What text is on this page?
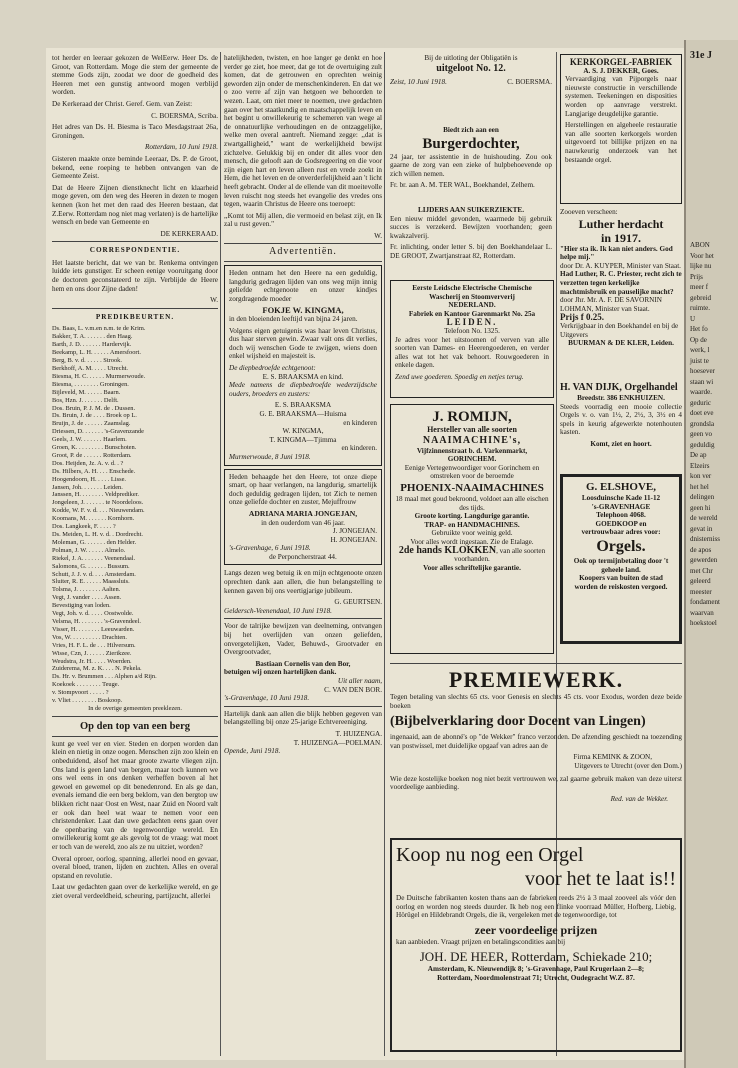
31e J
ABON
Voor het
lijke nu
Prijs
meer f
gebreid
ruimte.
U
Het fo
Op de
werk, l
juist te
hoesever
staan wi
waarde.
geduric
doet eve
grondsla
geen vo
geduldig
De ap
Elzeirs
kon ver
het hel
delingen
geen hi
de wereld
gevat in
dnisterniss
de apos
gewerden
met Chr
geleerd
meester
fondament
waarvan
hoekstoel

tot herder en leeraar gekozen de WelEerw. Heer Ds. de Groot, van Rotterdam. Moge die stem der gemeente de stemme Gods zijn, zoodat we door de goedheid des Heeren met een gunstig antwoord mogen verblijd worden.

De Kerkeraad der Christ. Geref. Gem. van Zeist:

C. BOERSMA, Scriba.

Het adres van Ds. H. Biesma is Taco Mesdagstraat 26a, Groningen.

Rotterdam, 10 Juni 1918.

Gisteren maakte onze beminde Leeraar, Ds. P. de Groot, bekend, eene roeping te hebben ontvangen van de Gemeente Zeist.

Dat de Heere Zijnen dienstknecht licht en klaarheid moge geven, om den weg des Heeren in dezen te mogen kennen (kon het met den raad des Heeren bestaan, dat Z.Eerw. Rotterdam nog niet mag verlaten) is de hartelijke wensch en bede van Gemeente en

DE KERKERAAD.

CORRESPONDENTIE.

Het laatste bericht, dat we van br. Renkema ontvingen luidde iets gunstiger. Er scheen eenige vooruitgang door de doctoren geconstateerd te zijn. Verblijde de Heere hem en ons door Zijne daden!

W.

PREDIKBEURTEN.
Ds. Baas, L. v.m.en n.m. te de Krim.
Bakker, T. A. . . . . . . den Haag.
Barth, J. D. . . . . . . Hardervijk.
Beekamp, L. H. . . . . . Amersfoort.
Berg, B. v. d. . . . . . Strook.
Berkhoff, A. M. . . . . Utrecht.
Biesma, H. C. . . . . . Murmerwoude.
Biesma, . . . . . . . . Groningen.
Bijleveld, M. . . . . . Baarn.
Bos, Hzn. J. . . . . . . Delft.
Dos. Bruin, P. J. M. de . Dussen.
Ds. Bruin, J. de . . . . Broek op L.
Bruijn, J. de . . . . . . Zaamslag.
Driessen, D. . . . . . . 's-Gravenzande
Geels, J. W. . . . . . . Haarlem.
Groen, K. . . . . . . . . Bunschoten.
Groot, P. de . . . . . . Rotterdam.
Dos. Heijden, Jz. A. v. d. . ?
Ds. Hilbers, A. H. . . . Enschede.
Hoogendoorn, H. . . . . Lisse.
Jansen, Joh. . . . . . . Leiden.
Janssen, H. . . . . . . . Veldprediker.
Jongeleen, J. . . . . . . te Noordeloos.
Kodde, W. F. v. d. . . . Nieuwendam.
Koomans, M. . . . . . . Kornhorn.
Dos. Langkeek, F. . . . . ?
Ds. Meiden, L. H. v. d. . Dordrecht.
Moleman, G. . . . . . . den Helder.
Polman, J. W. . . . . . Almelo.
Riekel, J. A. . . . . . . Veenendaal.
Salomons, G. . . . . . . Bussum.
Schutt, J. J. v. d. . . . Amsterdam.
Sluiter, R. E. . . . . . Maassluis.
Tolsma, J. . . . . . . . Aalten.
Vegt, J. vander . . . . Assen.
Bevestiging van loden.
Vegt, Joh. v. d. . . . . Oostwolde.
Velsma, H. . . . . . . . 's-Gravendeel.
Visser, H. . . . . . . . Leeuwarden.
Vos, W. . . . . . . . . . Drachten.
Vries, H. F. L. de . . . Hilversum.
Wisse, Czn, J. . . . . . Zierikzee.
Weudstra, Jr. H. . . . . Woerden.
Zuiderema, M. z. K. . . . N. Pekela.
Ds. Hr. v. Brummen . . . Alphen a/d Rijn.
Koekoek . . . . . . . . Teuge.
v. Stompvoort . . . . . ?
v. Vliet . . . . . . . . Boskoop.
In de overige gemeenten preeklezen.
Op den top van een berg

kunt ge veel ver en vier. Steden en dorpen worden dan klein en nietig in onze oogen. Menschen zijn zoo klein en onbeduidend, alsof het maar groote zwarte vliegen zijn. Ons land is geen land van bergen, maar toch kunnen we ons wel eens in ons denken verheffen boven al het gewoel en gewemel op dit benedenrond. En als ge dan, evenals iemand die een berg beklom, van den bergtop uw blikken richt naar Oost en West, naar Zuid en Noord valt er ook dan heel wat waar te nemen voor een christendenker. Laat dan uwe gedachten eens gaan over de openbaring van de tegenwoordige wereld. En onwillekeurig komt ge als gevolg tot de vraag: wat moet er toch van de wereld, zoo als ze nu uitziet, worden?

Overal oproer, oorlog, spanning, allerlei nood en gevaar, overal bloed, tranen, lijden en zuchten. Alles en overal opstand en revolutie.

Laat uw gedachten gaan over de kerkelijke wereld, en ge ziet overal verdeeldheid, scheuring, partijzucht, allerlei

hatelijkheden, twisten, en hoe langer ge denkt en hoe verder ge ziet, hoe meer, dat ge tot de overtuiging zult komen, dat de getrouwen en oprechten weinig geworden zijn onder de menschenkinderen. En dat we o zoo verre af zijn van hetgoen we behoorden te wezen. Laat, om niet meer te noemen, uwe gedachten gaan over het staatkundig en maatschappelijk leven en het begint u onwillekeurig te schemeren van wege al de onnatuurlijke verhoudingen en de ontzaggelijke, welke men overal aantreft. Niemand zegge: ,,dat is zwartgalligheid," want de werkelijkheid bewijst zichzelve. Gelukkig bij en onder dit alles voor den mensch, die gelooft aan de Godsregeering en die voor zijn eigen hart en leven alleen rust en vrede zoekt in Hem, die het leven en de onverderfelijkheid aan 't licht heeft gebracht. Onder al de ellende van dit moeitevolle leven ruischt nog steeds het evangelie des vredes ons tegen, waarin Christus de Heere ons toeroept:

,,Komt tot Mij allen, die vermoeid en belast zijt, en Ik zal u rust geven."

W.

Advertentiën.

Heden ontnam het den Heere na een geduldig, langdurig gedragen lijden van ons weg mijn innig geliefde echtgenoote en onzer kindjes zorgdragende moeder

FOKJE W. KINGMA,

in den bloeienden leeftijd van bijna 24 jaren.

Volgens eigen getuigenis was haar leven Christus, dus haar sterven gewin. Zwaar valt ons dit verlies, doch wij wenschen Gode te zwijgen, wiens doen enkel wijsheid en majesteit is.

De diepbedroefde echtgenoot:
E. S. BRAAKSMA en kind.

Mede namens de diepbedroefde wederzijdsche ouders, broeders en zusters:

E. S. BRAAKSMA
G. E. BRAAKSMA—Huisma
en kinderen
W. KINGMA,
T. KINGMA—Tjimma
en kinderen.
Murmerwoude, 8 Juni 1918.

Heden behaagde het den Heere, tot onze diepe smart, op haar verlangen, na langdurig, smartelijk doch geduldig gedragen lijden, tot Zich te nemen onze geliefde dochter en zuster, Mejuffrouw

ADRIANA MARIA JONGEJAN,
in den ouderdom van 46 jaar.
J. JONGEJAN.
H. JONGEJAN.
's-Gravenhage, 6 Juni 1918.
de Perponcherstraat 44.

Langs dezen weg betuig ik en mijn echtgenoote onzen oprechten dank aan allen, die hun belangstelling te kennen gaven bij ons veertigjarige jubileum.

G. GEURTSEN.
Geldersch-Veenendaal, 10 Juni 1918.

Voor de talrijke bewijzen van deelneming, ontvangen bij het overlijden van onzen geliefden, onvergetelijken, Vader, Behuwd-, Grootvader en Overgrootvader,

Bastiaan Cornelis van den Bor,
betuigen wij onzen hartelijken dank.
Uit aller naam,
C. VAN DEN BOR.
's-Gravenhage, 10 Juni 1918.

Hartelijk dank aan allen die blijk hebben gegeven van belangstelling bij onze 25-jarige Echtvereeniging.

T. HUIZENGA.
T. HUIZENGA—POELMAN.
Opende, Juni 1918.
Bij de uitloting der Obligatiën is
uitgeloot No. 12.
Zeist, 10 Juni 1918.	C. BOERSMA.
Biedt zich aan een
Burgerdochter,

24 jaar, ter assistentie in de huishouding. Zou ook gaarne de zorg van een zieke of hulpbehoevende op zich willen nemen.

Fr. br. aan A. M. TER WAL, Boekhandel, Zelhem.

LIJDERS AAN SUIKERZIEKTE.

Een nieuw middel gevonden, waarmede bij gebruik succes is verzekerd. Bewijzen voorhanden; geen kwakzalverij.

Fr. inlichting, onder letter S. bij den Boekhandelaar L. DE GROOT, Zwartjanstraat 82, Rotterdam.

Eerste Leidsche Electrische Chemische
Wascherij en Stoomververij
NEDERLAND.
Fabriek en Kantoor Garenmarkt No. 25a
LEIDEN.
Telefoon No. 1325.

Je adres voor het uitstoomen of verven van alle soorten van Dames- en Heerengoederen, en verder alles wat tot het vak behoort. Rouwgoederen in enkele dagen.

Zend uwe goederen. Spoedig en netjes terug.
J. ROMIJN,
Hersteller van alle soorten
NAAIMACHINE's,
Vijfzinnenstraat b. d. Varkenmarkt,
GORINCHEM.
Eenige Vertegenwoordiger voor Gorinchem en omstreken voor de beroemde
PHOENIX-NAAIMACHINES
18 maal met goud bekroond, voldoet aan alle eischen des tijds.
Groote korting. Langdurige garantie.
TRAP- en HANDMACHINES.
Gebruikte voor weinig geld.
Voor alles wordt ingestaan. Zie de Etalage.
2de hands KLOKKEN, van alle soorten voorhanden.
Voor alles schriftelijke garantie.
KERKORGEL-FABRIEK
A. S. J. DEKKER, Goes.

Vervaardiging van Pijporgels naar nieuwste constructie in verschillende systemen. Teekeningen en disposities worden op aanvrage verstrekt. Langjarige deugdelijke garantie.

Herstellingen en algeheele restauratie van alle soorten kerkorgels worden uitgevoerd tot billijke prijzen en na nauwkeurig onderzoek van het bestaande orgel.

Zooeven verscheen:
Luther herdacht
in 1917.
"Hier sta ik. Ik kan niet anders. God helpe mij."
door Dr. A. KUYPER, Minister van Staat.
Had Luther, R. C. Priester, recht zich te verzetten tegen kerkelijke machtmisbruik en pauselijke macht?
door Jhr. Mr. A. F. DE SAVORNIN LOHMAN, Minister van Staat.
Prijs f 0.25.
Verkrijgbaar in den Boekhandel en bij de Uitgevers
BUURMAN & DE KLER, Leiden.
H. VAN DIJK, Orgelhandel
Breedstr. 386 ENKHUIZEN.

Steeds voorradig een mooie collectie Orgels v. o. van 1½, 2, 2½, 3, 3½ en 4 spels in keurig afgewerkte notenhouten kasten.

Komt, ziet en hoort.
G. ELSHOVE,
Loosduinsche Kade 11-12
's-GRAVENHAGE
Telephoon 4068.
GOEDKOOP en
vertrouwbaar adres voor:
Orgels.
Ook op termijnbetaling door 't geheele land.
Koopers van buiten de stad worden de reiskosten vergoed.
PREMIEWERK.

Tegen betaling van slechts 65 cts. voor Genesis en slechts 45 cts. voor Exodus, worden deze beide boeken

(Bijbelverklaring door Docent van Lingen)

ingenaaid, aan de abonné's op "de Wekker" franco verzonden. De afzending geschiedt na toezending van postwissel, met duidelijke opgaaf van adres aan de

Firma KEMINK & ZOON,
Uitgevers te Utrecht (over den Dom.)

Wie deze kostelijke boeken nog niet bezit vertrouwen we, zal gaarne gebruik maken van deze uiterst voordeelige aanbieding.

Red. van de Wekker.
Koop nu nog een Orgel
voor het te laat is!!

De Duitsche fabrikanten kosten thans aan de fabrieken reeds 2½ à 3 maal zooveel als vóór den oorlog en worden nog steeds duurder. Ik heb nog een flinke voorraad Müller, Hofberg, Liebig, Hörügel en Hildebrandt Orgels, die ik, vergeleken met de tegenwoordige, tot

zeer voordeelige prijzen
kan aanbieden. Vraagt prijzen en betalingscondities aan bij
JOH. DE HEER, Rotterdam, Schiekade 210;
Amsterdam, K. Nieuwendijk 8; 's-Gravenhage, Paul Krugerlaan 2—8;
Rotterdam, Noordmolenstraat 71; Utrecht, Oudegracht W.Z. 87.
